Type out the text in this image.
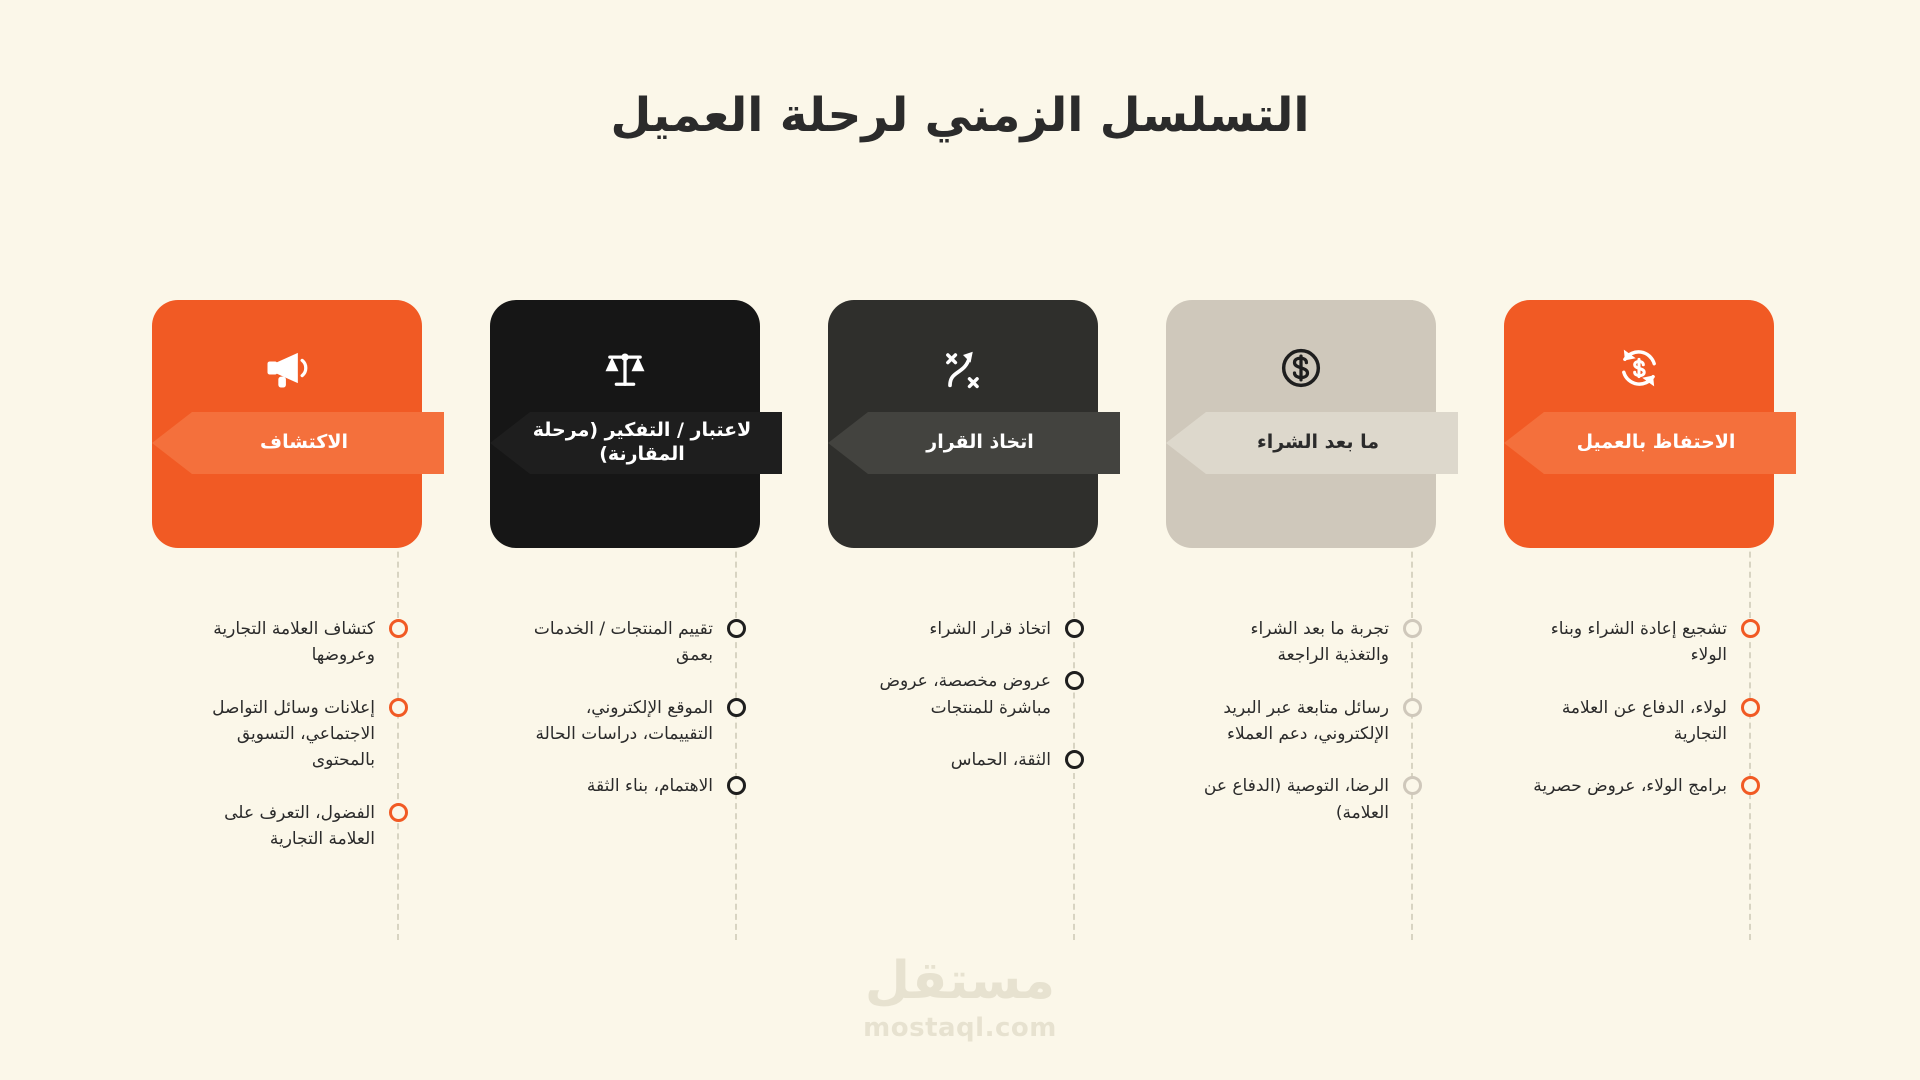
التسلسل الزمني لرحلة العميل
الاكتشاف
كتشاف العلامة التجارية وعروضها
إعلانات وسائل التواصل الاجتماعي، التسويق بالمحتوى
الفضول، التعرف على العلامة التجارية
لاعتبار / التفكير (مرحلة المقارنة)
تقييم المنتجات / الخدمات بعمق
الموقع الإلكتروني، التقييمات، دراسات الحالة
الاهتمام، بناء الثقة
اتخاذ القرار
اتخاذ قرار الشراء
عروض مخصصة، عروض مباشرة للمنتجات
الثقة، الحماس
ما بعد الشراء
تجربة ما بعد الشراء والتغذية الراجعة
رسائل متابعة عبر البريد الإلكتروني، دعم العملاء
الرضا، التوصية (الدفاع عن العلامة)
الاحتفاظ بالعميل
تشجيع إعادة الشراء وبناء الولاء
لولاء، الدفاع عن العلامة التجارية
برامج الولاء، عروض حصرية
مستقل
mostaql.com
